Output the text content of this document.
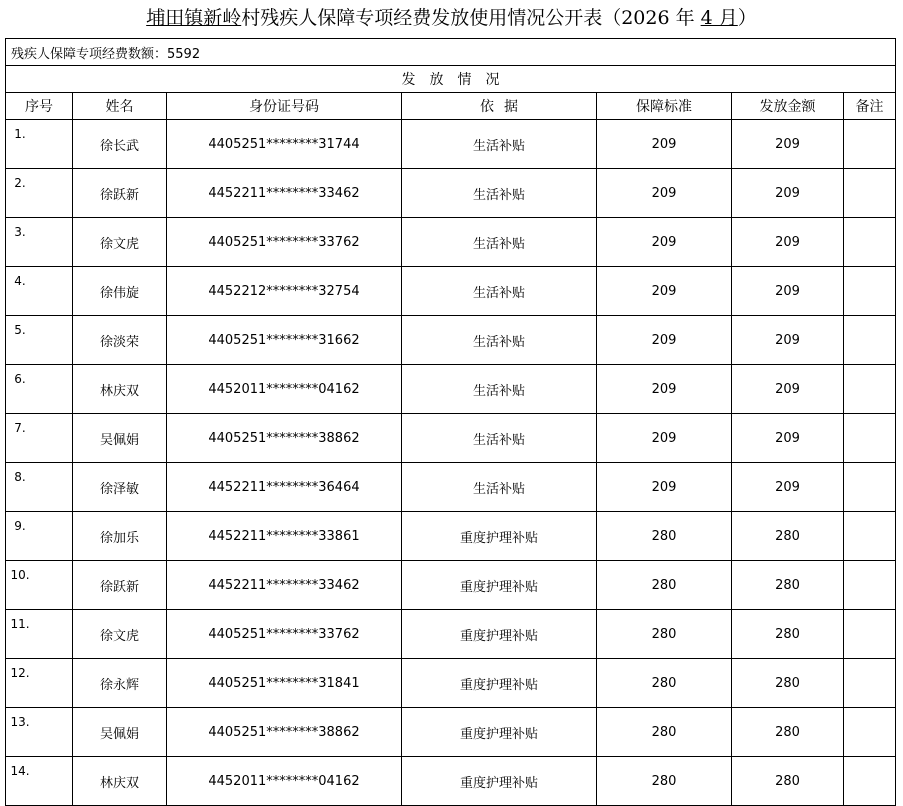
埔田镇新岭村残疾人保障专项经费发放使用情况公开表（2026 年 4 月）
残疾人保障专项经费数额：5592						
发放情况						
序号	姓名	身份证号码	依据	保障标准	发放金额	备注
1.	徐长武	4405251********31744	生活补贴	209	209	
2.	徐跃新	4452211********33462	生活补贴	209	209	
3.	徐文虎	4405251********33762	生活补贴	209	209	
4.	徐伟旋	4452212********32754	生活补贴	209	209	
5.	徐淡荣	4405251********31662	生活补贴	209	209	
6.	林庆双	4452011********04162	生活补贴	209	209	
7.	吴佩娟	4405251********38862	生活补贴	209	209	
8.	徐泽敏	4452211********36464	生活补贴	209	209	
9.	徐加乐	4452211********33861	重度护理补贴	280	280	
10.	徐跃新	4452211********33462	重度护理补贴	280	280	
11.	徐文虎	4405251********33762	重度护理补贴	280	280	
12.	徐永辉	4405251********31841	重度护理补贴	280	280	
13.	吴佩娟	4405251********38862	重度护理补贴	280	280	
14.	林庆双	4452011********04162	重度护理补贴	280	280	
